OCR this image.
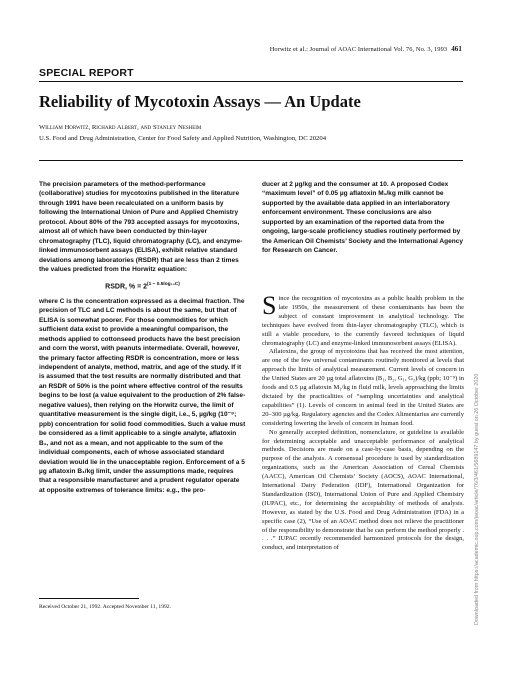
Horwitz et al.: Journal of AOAC International Vol. 76, No. 3, 1993 461
SPECIAL REPORT
Reliability of Mycotoxin Assays — An Update
William Horwitz, Richard Albert, and Stanley Nesheim
U.S. Food and Drug Administration, Center for Food Safety and Applied Nutrition, Washington, DC 20204

The precision parameters of the method-performance (collaborative) studies for mycotoxins published in the literature through 1991 have been recalculated on a uniform basis by following the International Union of Pure and Applied Chemistry protocol. About 80% of the 793 accepted assays for mycotoxins, almost all of which have been conducted by thin-layer chromatography (TLC), liquid chromatography (LC), and enzyme-linked immunosorbent assays (ELISA), exhibit relative standard deviations among laboratories (RSDR) that are less than 2 times the values predicted from the Horwitz equation:

RSDR, % = $2^{(1 - 0.5log_{10}C)}$

where C is the concentration expressed as a decimal fraction. The precision of TLC and LC methods is about the same, but that of ELISA is somewhat poorer. For those commodities for which sufficient data exist to provide a meaningful comparison, the methods applied to cottonseed products have the best precision and corn the worst, with peanuts intermediate. Overall, however, the primary factor affecting RSDR is concentration, more or less independent of analyte, method, matrix, and age of the study. If it is assumed that the test results are normally distributed and that an RSDR of 50% is the point where effective control of the results begins to be lost (a value equivalent to the production of 2% false-negative values), then relying on the Horwitz curve, the limit of quantitative measurement is the single digit, i.e., 5, µg/kg (10⁻⁹; ppb) concentration for solid food commodities. Such a value must be considered as a limit applicable to a single analyte, aflatoxin B₁, and not as a mean, and not applicable to the sum of the individual components, each of whose associated standard deviation would lie in the unacceptable region. Enforcement of a 5 µg aflatoxin B₁/kg limit, under the assumptions made, requires that a responsible manufacturer and a prudent regulator operate at opposite extremes of tolerance limits: e.g., the pro-

ducer at 2 µg/kg and the consumer at 10. A proposed Codex “maximum level” of 0.05 µg aflatoxin M₁/kg milk cannot be supported by the available data applied in an interlaboratory enforcement environment. These conclusions are also supported by an examination of the reported data from the ongoing, large-scale proficiency studies routinely performed by the American Oil Chemists’ Society and the International Agency for Research on Cancer.

Since the recognition of mycotoxins as a public health problem in the late 1950s, the measurement of these contaminants has been the subject of constant improvement in analytical technology. The techniques have evolved from thin-layer chromatography (TLC), which is still a viable procedure, to the currently favored techniques of liquid chromatography (LC) and enzyme-linked immunosorbent assays (ELISA).

Aflatoxins, the group of mycotoxins that has received the most attention, are one of the few universal contaminants routinely monitored at levels that approach the limits of analytical measurement. Current levels of concern in the United States are 20 µg total aflatoxins (B₁, B₂, G₁, G₂)/kg (ppb; 10⁻⁹) in foods and 0.5 µg aflatoxin M₁/kg in fluid milk, levels approaching the limits dictated by the practicalities of “sampling uncertainties and analytical capabilities” (1). Levels of concern in animal feed in the United States are 20–300 µg/kg. Regulatory agencies and the Codex Alimentarius are currently considering lowering the levels of concern in human food.

No generally accepted definition, nomenclature, or guideline is available for determining acceptable and unacceptable performance of analytical methods. Decisions are made on a case-by-case basis, depending on the purpose of the analysis. A consensual procedure is used by standardization organizations, such as the American Association of Cereal Chemists (AACC), American Oil Chemists’ Society (AOCS), AOAC International, International Dairy Federation (IDF), International Organization for Standardization (ISO), International Union of Pure and Applied Chemistry (IUPAC), etc., for determining the acceptability of methods of analysis. However, as stated by the U.S. Food and Drug Administration (FDA) in a specific case (2), “Use of an AOAC method does not relieve the practitioner of the responsibility to demonstrate that he can perform the method properly . . . .” IUPAC recently recommended harmonized protocols for the design, conduct, and interpretation of

Received October 21, 1992. Accepted November 11, 1992.	Downloaded from https://academic.oup.com/jaoac/article/76/3/461/5689147 by guest on 26 October 2020
